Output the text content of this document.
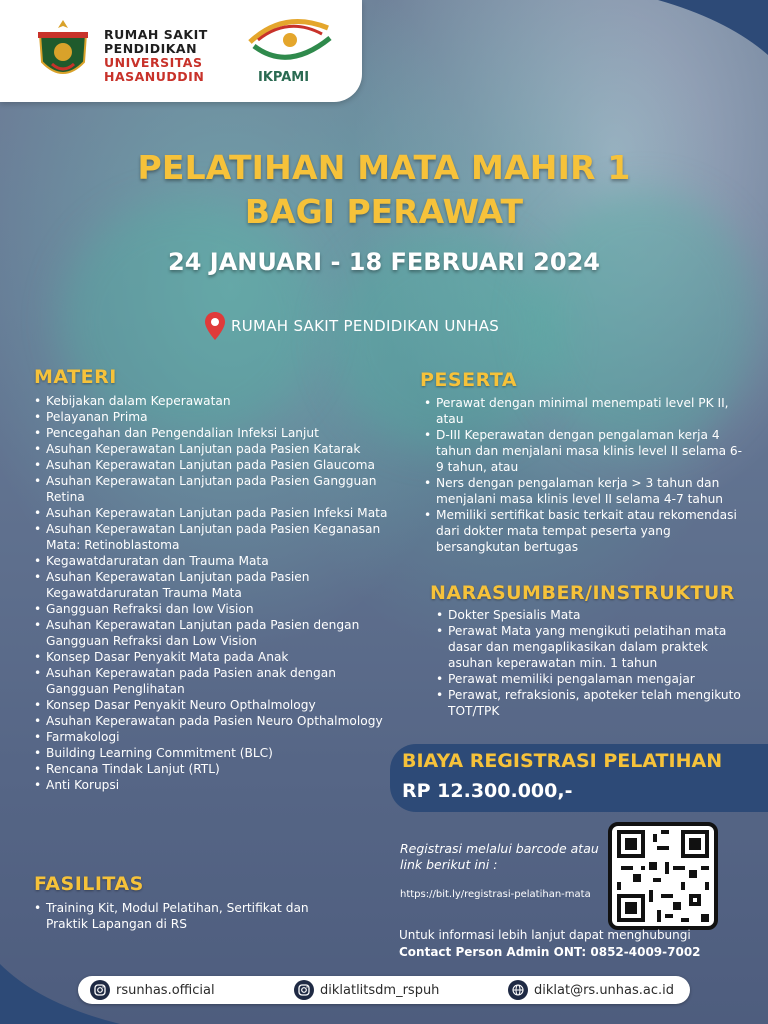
RUMAH SAKIT
PENDIDIKAN
UNIVERSITAS
HASANUDDIN	IKPAMI
PELATIHAN MATA MAHIR 1
BAGI PERAWAT
24 JANUARI - 18 FEBRUARI 2024
RUMAH SAKIT PENDIDIKAN UNHAS
MATERI
• Kebijakan dalam Keperawatan
• Pelayanan Prima
• Pencegahan dan Pengendalian Infeksi Lanjut
• Asuhan Keperawatan Lanjutan pada Pasien Katarak
• Asuhan Keperawatan Lanjutan pada Pasien Glaucoma
• Asuhan Keperawatan Lanjutan pada Pasien Gangguan Retina
• Asuhan Keperawatan Lanjutan pada Pasien Infeksi Mata
• Asuhan Keperawatan Lanjutan pada Pasien Keganasan Mata: Retinoblastoma
• Kegawatdaruratan dan Trauma Mata
• Asuhan Keperawatan Lanjutan pada Pasien Kegawatdaruratan Trauma Mata
• Gangguan Refraksi dan low Vision
• Asuhan Keperawatan Lanjutan pada Pasien dengan Gangguan Refraksi dan Low Vision
• Konsep Dasar Penyakit Mata pada Anak
• Asuhan Keperawatan pada Pasien anak dengan Gangguan Penglihatan
• Konsep Dasar Penyakit Neuro Opthalmology
• Asuhan Keperawatan pada Pasien Neuro Opthalmology
• Farmakologi
• Building Learning Commitment (BLC)
• Rencana Tindak Lanjut (RTL)
• Anti Korupsi
FASILITAS
• Training Kit, Modul Pelatihan, Sertifikat dan Praktik Lapangan di RS
PESERTA
• Perawat dengan minimal menempati level PK II, atau
• D-III Keperawatan dengan pengalaman kerja 4 tahun dan menjalani masa klinis level II selama 6-9 tahun, atau
• Ners dengan pengalaman kerja > 3 tahun dan menjalani masa klinis level II selama 4-7 tahun
• Memiliki sertifikat basic terkait atau rekomendasi dari dokter mata tempat peserta yang bersangkutan bertugas
NARASUMBER/INSTRUKTUR
• Dokter Spesialis Mata
• Perawat Mata yang mengikuti pelatihan mata dasar dan mengaplikasikan dalam praktek asuhan keperawatan min. 1 tahun
• Perawat memiliki pengalaman mengajar
• Perawat, refraksionis, apoteker telah mengikuto TOT/TPK
BIAYA REGISTRASI PELATIHAN
RP 12.300.000,-
Registrasi melalui barcode atau link berikut ini :
https://bit.ly/registrasi-pelatihan-mata
Untuk informasi lebih lanjut dapat menghubungi
Contact Person Admin ONT: 0852-4009-7002
rsunhas.official	diklatlitsdm_rspuh	diklat@rs.unhas.ac.id
